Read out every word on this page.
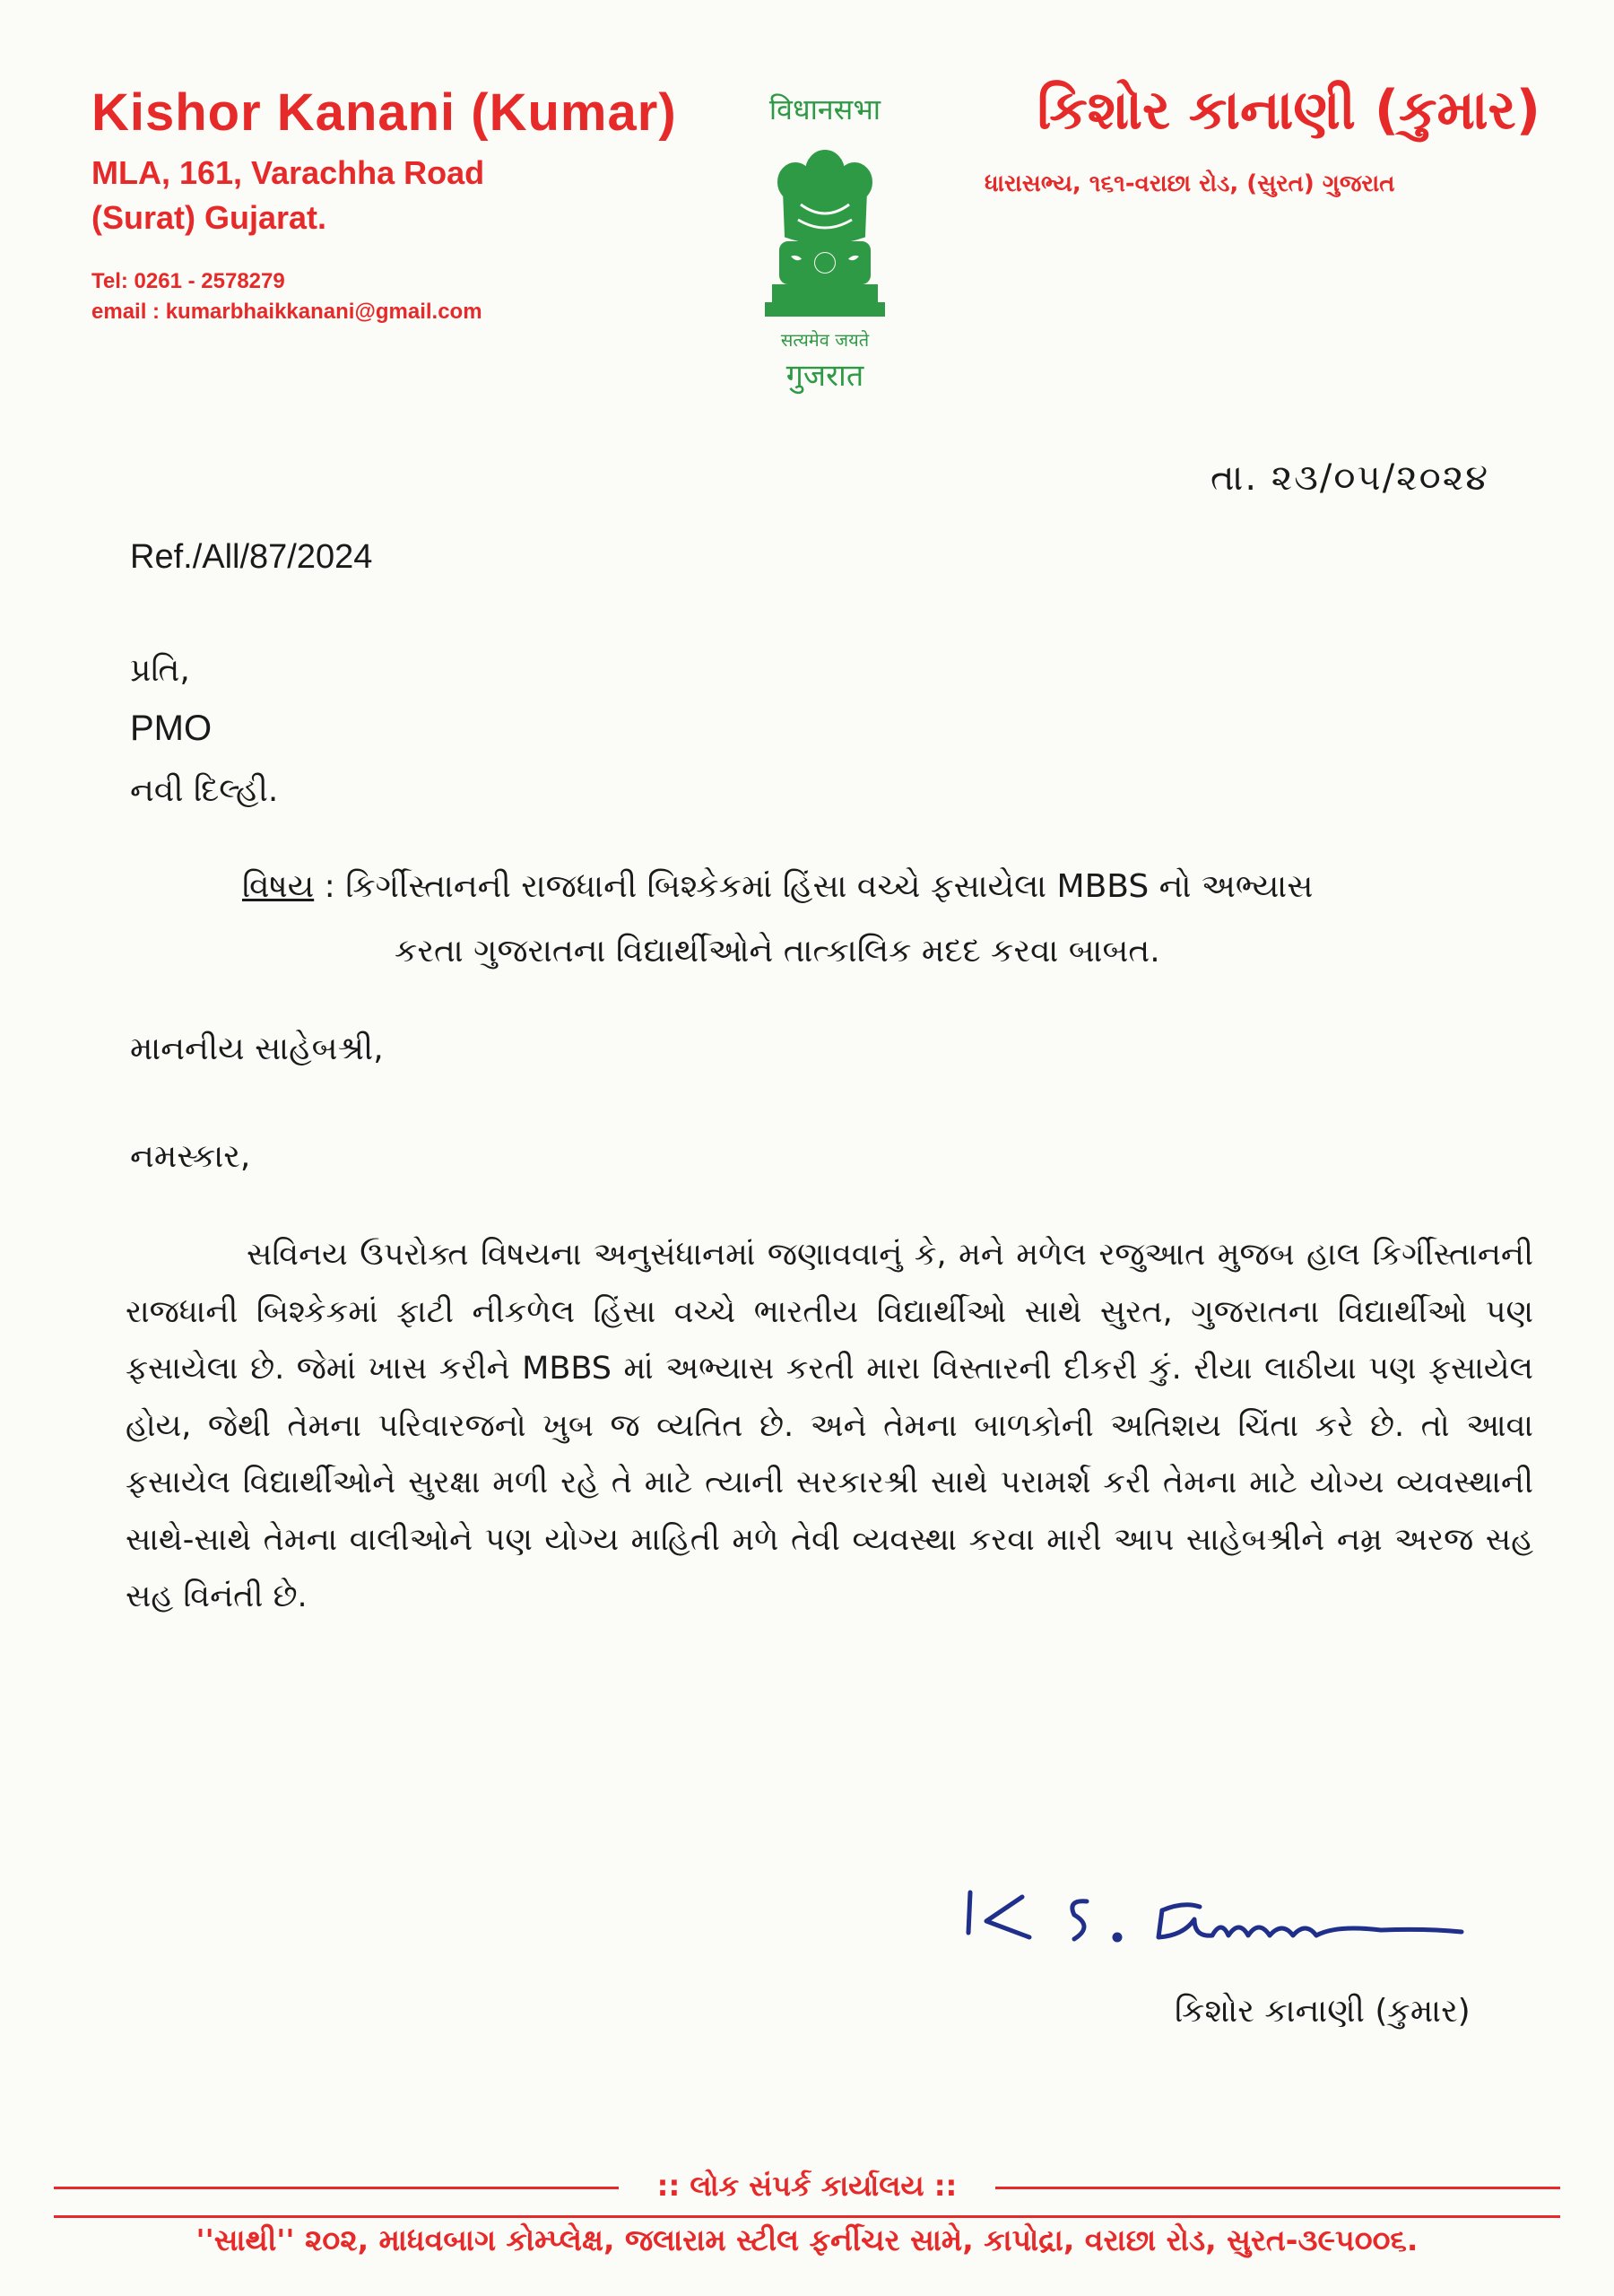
Kishor Kanani (Kumar)
MLA, 161, Varachha Road
(Surat) Gujarat.
Tel: 0261 - 2578279
email : kumarbhaikkanani@gmail.com
विधानसभा
सत्यमेव जयते
गुजरात
કિશોર કાનાણી (કુમાર)
ધારાસભ્ય, ૧૬૧-વરાછા રોડ, (સુરત) ગુજરાત
તા. ૨૩/૦૫/૨૦૨૪
Ref./All/87/2024
પ્રતિ,
PMO
નવી દિલ્હી.
વિષય : કિર્ગીસ્તાનની રાજધાની બિશ્કેકમાં હિંસા વચ્ચે ફસાયેલા MBBS નો અભ્યાસ
કરતા ગુજરાતના વિદ્યાર્થીઓને તાત્કાલિક મદદ કરવા બાબત.
માનનીય સાહેબશ્રી,
નમસ્કાર,
સવિનય ઉપરોક્ત વિષયના અનુસંધાનમાં જણાવવાનું કે, મને મળેલ રજુઆત મુજબ હાલ કિર્ગીસ્તાનની રાજધાની બિશ્કેકમાં ફાટી નીકળેલ હિંસા વચ્ચે ભારતીય વિદ્યાર્થીઓ સાથે સુરત, ગુજરાતના વિદ્યાર્થીઓ પણ ફસાયેલા છે. જેમાં ખાસ કરીને MBBS માં અભ્યાસ કરતી મારા વિસ્તારની દીકરી કું. રીયા લાઠીયા પણ ફસાયેલ હોય, જેથી તેમના પરિવારજનો ખુબ જ વ્યતિત છે. અને તેમના બાળકોની અતિશય ચિંતા કરે છે. તો આવા ફસાયેલ વિદ્યાર્થીઓને સુરક્ષા મળી રહે તે માટે ત્યાની સરકારશ્રી સાથે પરામર્શ કરી તેમના માટે યોગ્ય વ્યવસ્થાની સાથે-સાથે તેમના વાલીઓને પણ યોગ્ય માહિતી મળે તેવી વ્યવસ્થા કરવા મારી આપ સાહેબશ્રીને નમ્ર અરજ સહ સહ વિનંતી છે.
કિશોર કાનાણી (કુમાર)
:: લોક સંપર્ક કાર્યાલય ::
''સાથી'' ૨૦૨, માધવબાગ કોમ્પ્લેક્ષ, જલારામ સ્ટીલ ફર્નીચર સામે, કાપોદ્રા, વરાછા રોડ, સુરત-૩૯૫૦૦૬.
